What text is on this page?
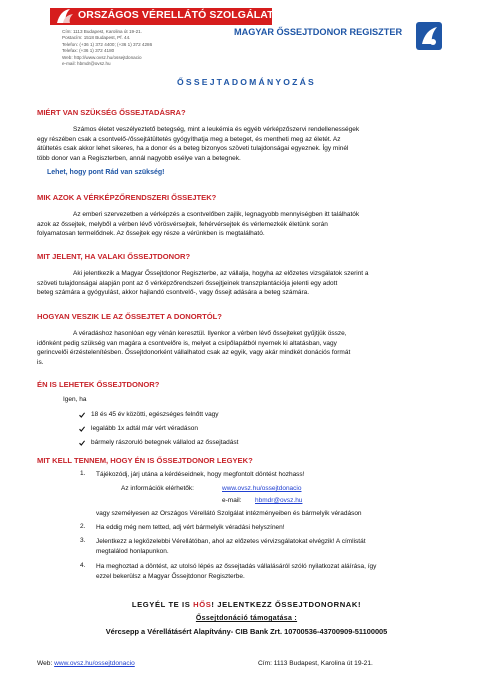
ORSZÁGOS VÉRELLÁTÓ SZOLGÁLAT
Cím: 1113 Budapest, Karolina út 19-21.
Postacím: 1518 Budapest, Pf. 44.
Telefon: (+36 1) 372 4400; (+36 1) 372 4286
Telefax: (+36 1) 372 4180
Web: http://www.ovsz.hu/ossejtdonacio
e-mail: hbmdr@ovsz.hu
MAGYAR ŐSSEJTDONOR REGISZTER
ŐSSEJTADOMÁNYOZÁS
MIÉRT VAN SZÜKSÉG ŐSSEJTADÁSRA?
Számos életet veszélyeztető betegség, mint a leukémia és egyéb vérképzőszervi rendellenességek
egy részében csak a csontvelő-/őssejtátültetés gyógyíthatja meg a beteget, és mentheti meg az életét. Az
átültetés csak akkor lehet sikeres, ha a donor és a beteg bizonyos szöveti tulajdonságai egyeznek. Így minél
több donor van a Regiszterben, annál nagyobb esélye van a betegnek.
Lehet, hogy pont Rád van szükség!
MIK AZOK A VÉRKÉPZŐRENDSZERI ŐSSEJTEK?
Az emberi szervezetben a vérképzés a csontvelőben zajlik, legnagyobb mennyiségben itt találhatók
azok az őssejtek, melyből a vérben lévő vörösvérsejtek, fehérvérsejtek és vérlemezkék életünk során
folyamatosan termelődnek. Az őssejtek egy része a vérünkben is megtalálható.
MIT JELENT, HA VALAKI ŐSSEJTDONOR?
Aki jelentkezik a Magyar Őssejtdonor Regiszterbe, az vállalja, hogyha az előzetes vizsgálatok szerint a
szöveti tulajdonságai alapján pont az ő vérképzőrendszeri őssejtjeinek transzplantációja jelenti egy adott
beteg számára a gyógyulást, akkor hajlandó csontvelő-, vagy őssejt adására a beteg számára.
HOGYAN VESZIK LE AZ ŐSSEJTET A DONORTÓL?
A véradáshoz hasonlóan egy vénán keresztül. Ilyenkor a vérben lévő őssejteket gyűjtjük össze,
időnként pedig szükség van magára a csontvelőre is, melyet a csípőlapátból nyernek ki altatásban, vagy
gerincvelői érzéstelenítésben. Őssejtdonorként vállalhatod csak az egyik, vagy akár mindkét donációs formát
is.
ÉN IS LEHETEK ŐSSEJTDONOR?
Igen, ha
18 és 45 év közötti, egészséges felnőtt vagy
legalább 1x adtál már vért véradáson
bármely rászoruló betegnek vállalod az őssejtadást
MIT KELL TENNEM, HOGY ÉN IS ŐSSEJTDONOR LEGYEK?
1. Tájékozódj, járj utána a kérdéseidnek, hogy megfontolt döntést hozhass!
Az információk elérhetők:	www.ovsz.hu/ossejtdonacio
e-mail: hbmdr@ovsz.hu
vagy személyesen az Országos Vérellátó Szolgálat intézményeiben és bármelyik véradáson
2. Ha eddig még nem tetted, adj vért bármelyik véradási helyszínen!
3. Jelentkezz a legközelebbi Vérellátóban, ahol az előzetes vérvizsgálatokat elvégzik! A címlistát
megtalálod honlapunkon.
4. Ha meghoztad a döntést, az utolsó lépés az őssejtadás vállalásáról szóló nyilatkozat aláírása, így
ezzel bekerülsz a Magyar Őssejtdonor Regiszterbe.
LEGYÉL TE IS HŐS! JELENTKEZZ ŐSSEJTDONORNAK!
Őssejtdonáció támogatása :
Vércsepp a Vérellátásért Alapítvány- CIB Bank Zrt. 10700536-43700909-51100005
Web: www.ovsz.hu/ossejtdonacio	Cím: 1113 Budapest, Karolina út 19-21.
